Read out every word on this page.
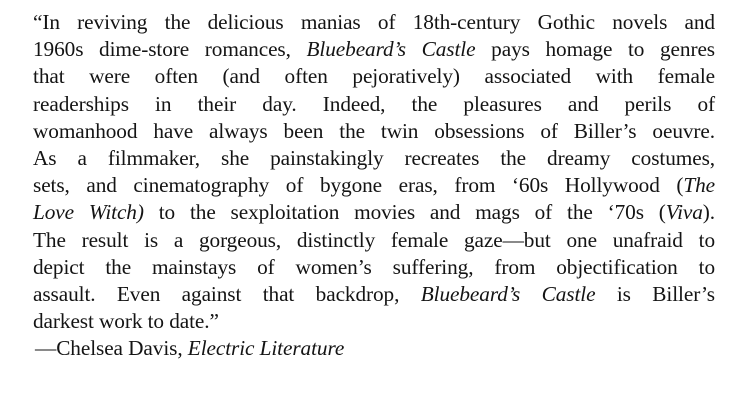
“In reviving the delicious manias of 18th-century Gothic novels and
1960s dime-store romances, Bluebeard’s Castle pays homage to genres
that were often (and often pejoratively) associated with female
readerships in their day. Indeed, the pleasures and perils of
womanhood have always been the twin obsessions of Biller’s oeuvre.
As a filmmaker, she painstakingly recreates the dreamy costumes,
sets, and cinematography of bygone eras, from ‘60s Hollywood (The
Love Witch) to the sexploitation movies and mags of the ‘70s (Viva).
The result is a gorgeous, distinctly female gaze—but one unafraid to
depict the mainstays of women’s suffering, from objectification to
assault. Even against that backdrop, Bluebeard’s Castle is Biller’s
darkest work to date.”
—Chelsea Davis, Electric Literature
